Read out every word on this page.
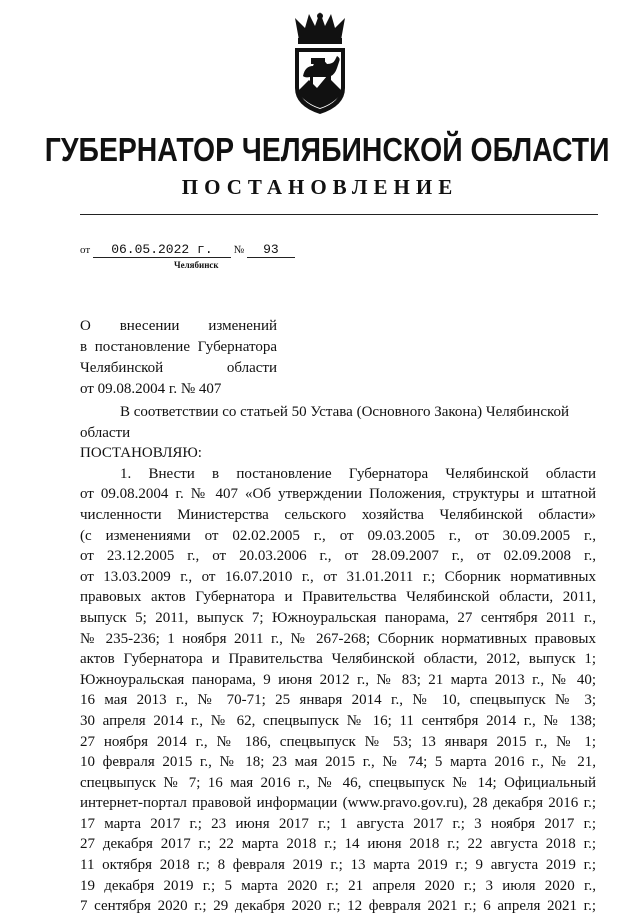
ГУБЕРНАТОР ЧЕЛЯБИНСКОЙ ОБЛАСТИ
ПОСТАНОВЛЕНИЕ
от 06.05.2022 г. № 93
Челябинск
О внесении изменений
в постановление Губернатора
Челябинской области
от 09.08.2004 г. № 407
В соответствии со статьей 50 Устава (Основного Закона) Челябинской
области
ПОСТАНОВЛЯЮ:
1. Внести в постановление Губернатора Челябинской области
от 09.08.2004 г. № 407 «Об утверждении Положения, структуры и штатной
численности Министерства сельского хозяйства Челябинской области»
(с изменениями от 02.02.2005 г., от 09.03.2005 г., от 30.09.2005 г.,
от 23.12.2005 г., от 20.03.2006 г., от 28.09.2007 г., от 02.09.2008 г.,
от 13.03.2009 г., от 16.07.2010 г., от 31.01.2011 г.; Сборник нормативных
правовых актов Губернатора и Правительства Челябинской области, 2011,
выпуск 5; 2011, выпуск 7; Южноуральская панорама, 27 сентября 2011 г.,
№ 235-236; 1 ноября 2011 г., № 267-268; Сборник нормативных правовых
актов Губернатора и Правительства Челябинской области, 2012, выпуск 1;
Южноуральская панорама, 9 июня 2012 г., № 83; 21 марта 2013 г., № 40;
16 мая 2013 г., № 70-71; 25 января 2014 г., № 10, спецвыпуск № 3;
30 апреля 2014 г., № 62, спецвыпуск № 16; 11 сентября 2014 г., № 138;
27 ноября 2014 г., № 186, спецвыпуск № 53; 13 января 2015 г., № 1;
10 февраля 2015 г., № 18; 23 мая 2015 г., № 74; 5 марта 2016 г., № 21,
спецвыпуск № 7; 16 мая 2016 г., № 46, спецвыпуск № 14; Официальный
интернет-портал правовой информации (www.pravo.gov.ru), 28 декабря 2016 г.;
17 марта 2017 г.; 23 июня 2017 г.; 1 августа 2017 г.; 3 ноября 2017 г.;
27 декабря 2017 г.; 22 марта 2018 г.; 14 июня 2018 г.; 22 августа 2018 г.;
11 октября 2018 г.; 8 февраля 2019 г.; 13 марта 2019 г.; 9 августа 2019 г.;
19 декабря 2019 г.; 5 марта 2020 г.; 21 апреля 2020 г.; 3 июля 2020 г.,
7 сентября 2020 г.; 29 декабря 2020 г.; 12 февраля 2021 г.; 6 апреля 2021 г.;
